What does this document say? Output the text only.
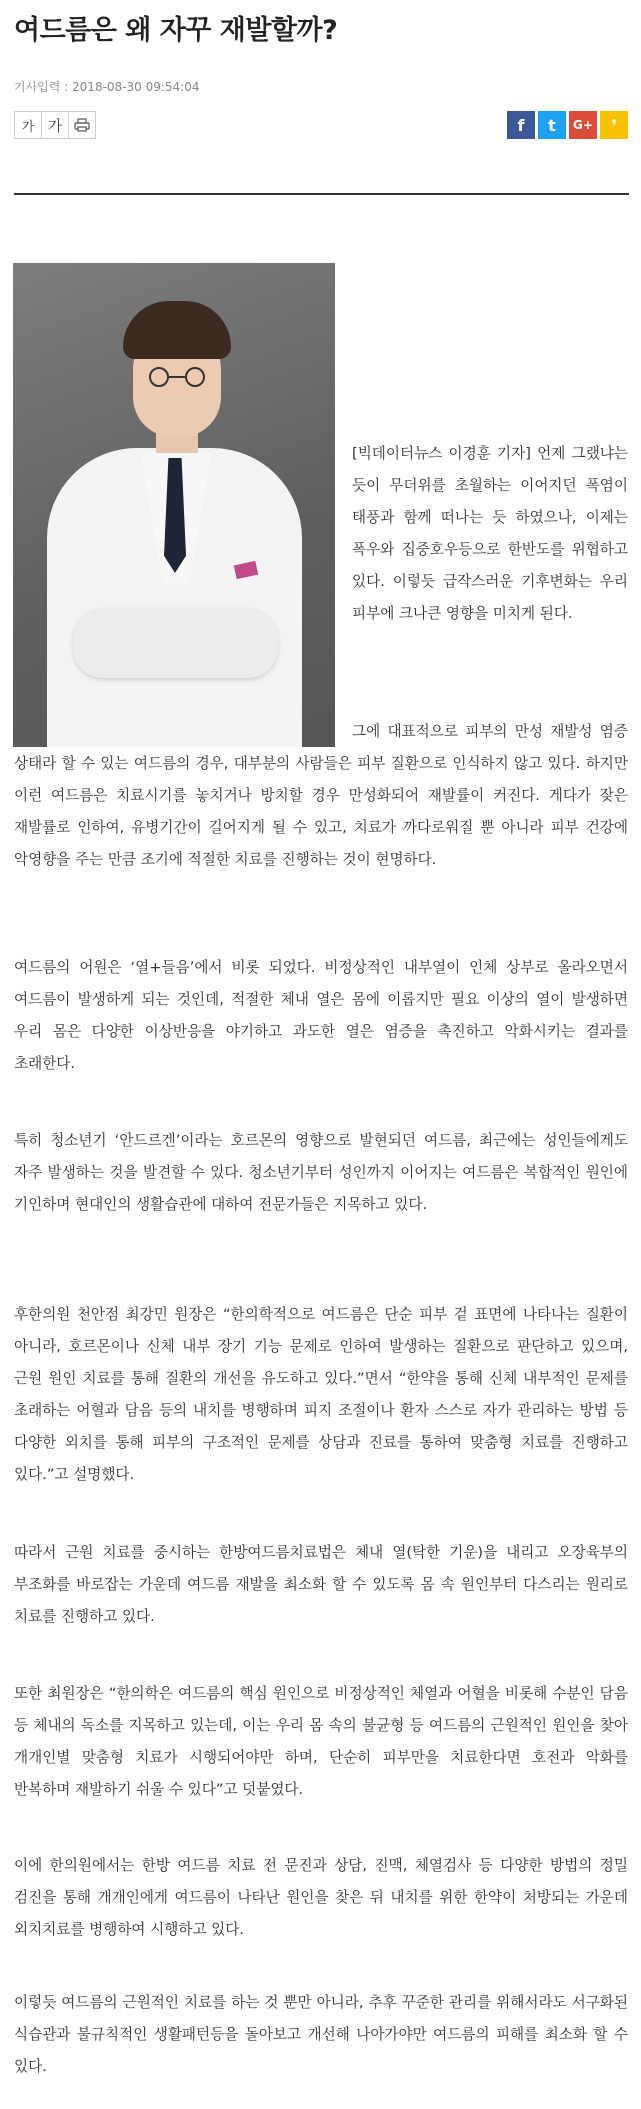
여드름은 왜 자꾸 재발할까?
기사입력 : 2018-08-30 09:54:04
가 가	f	t	G+	❜
[빅데이터뉴스 이경훈 기자] 언제 그랬냐는 듯이 무더위를 초월하는 이어지던 폭염이 태풍과 함께 떠나는 듯 하였으나, 이제는 폭우와 집중호우등으로 한반도를 위협하고 있다. 이렇듯 급작스러운 기후변화는 우리 피부에 크나큰 영향을 미치게 된다.
그에 대표적으로 피부의 만성 재발성 염증 상태라 할 수 있는 여드름의 경우, 대부분의 사람들은 피부 질환으로 인식하지 않고 있다. 하지만 이런 여드름은 치료시기를 놓치거나 방치할 경우 만성화되어 재발률이 커진다. 게다가 잦은 재발률로 인하여, 유병기간이 길어지게 될 수 있고, 치료가 까다로워질 뿐 아니라 피부 건강에 악영향을 주는 만큼 조기에 적절한 치료를 진행하는 것이 현명하다.
여드름의 어원은 ‘열+들음’에서 비롯 되었다. 비정상적인 내부열이 인체 상부로 올라오면서 여드름이 발생하게 되는 것인데, 적절한 체내 열은 몸에 이롭지만 필요 이상의 열이 발생하면 우리 몸은 다양한 이상반응을 야기하고 과도한 열은 염증을 촉진하고 악화시키는 결과를 초래한다.
특히 청소년기 ‘안드르겐’이라는 호르몬의 영향으로 발현되던 여드름, 최근에는 성인들에게도 자주 발생하는 것을 발견할 수 있다. 청소년기부터 성인까지 이어지는 여드름은 복합적인 원인에 기인하며 현대인의 생활습관에 대하여 전문가들은 지목하고 있다.
후한의원 천안점 최강민 원장은 “한의학적으로 여드름은 단순 피부 겉 표면에 나타나는 질환이 아니라, 호르몬이나 신체 내부 장기 기능 문제로 인하여 발생하는 질환으로 판단하고 있으며, 근원 원인 치료를 통해 질환의 개선을 유도하고 있다.”면서 “한약을 통해 신체 내부적인 문제를 초래하는 어혈과 담음 등의 내치를 병행하며 피지 조절이나 환자 스스로 자가 관리하는 방법 등 다양한 외치를 통해 피부의 구조적인 문제를 상담과 진료를 통하여 맞춤형 치료를 진행하고 있다.”고 설명했다.
따라서 근원 치료를 중시하는 한방여드름치료법은 체내 열(탁한 기운)을 내리고 오장육부의 부조화를 바로잡는 가운데 여드름 재발을 최소화 할 수 있도록 몸 속 원인부터 다스리는 원리로 치료를 진행하고 있다.
또한 최원장은 “한의학은 여드름의 핵심 원인으로 비정상적인 체열과 어혈을 비롯해 수분인 담음 등 체내의 독소를 지목하고 있는데, 이는 우리 몸 속의 불균형 등 여드름의 근원적인 원인을 찾아 개개인별 맞춤형 치료가 시행되어야만 하며, 단순히 피부만을 치료한다면 호전과 악화를 반복하며 재발하기 쉬울 수 있다”고 덧붙였다.
이에 한의원에서는 한방 여드름 치료 전 문진과 상담, 진맥, 체열검사 등 다양한 방법의 정밀 검진을 통해 개개인에게 여드름이 나타난 원인을 찾은 뒤 내치를 위한 한약이 처방되는 가운데 외치치료를 병행하여 시행하고 있다.
이렇듯 여드름의 근원적인 치료를 하는 것 뿐만 아니라, 추후 꾸준한 관리를 위해서라도 서구화된 식습관과 불규칙적인 생활패턴등을 돌아보고 개선해 나아가야만 여드름의 피해를 최소화 할 수 있다.
